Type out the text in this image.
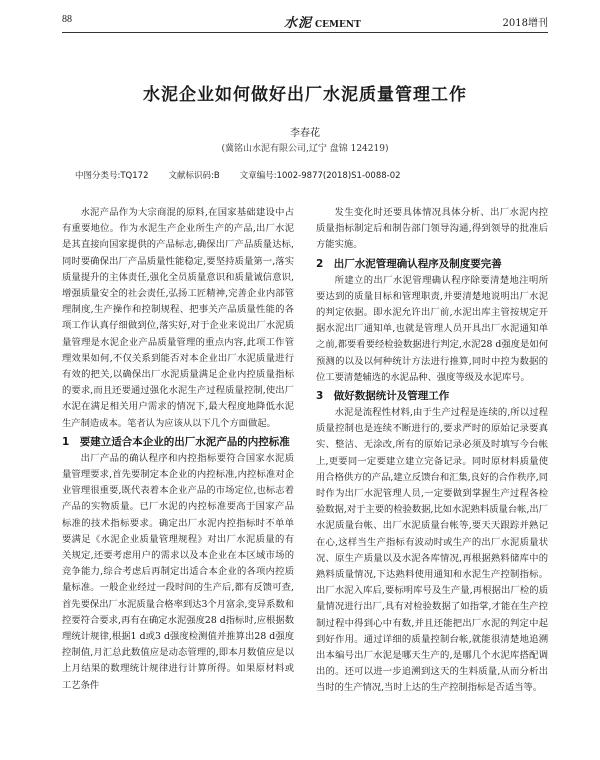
88	水泥 CEMENT	2018增刊
水泥企业如何做好出厂水泥质量管理工作
李春花
(冀铭山水泥有限公司,辽宁 盘锦 124219)
中图分类号:TQ172 文献标识码:B 文章编号:1002-9877(2018)S1-0088-02

水泥产品作为大宗商混的原料,在国家基础建设中占有重要地位。作为水泥生产企业所生产的产品,出厂水泥是其直接向国家提供的产品标志,确保出厂产品质量达标,同时要确保出厂产品质量性能稳定,要坚持质量第一,落实质量提升的主体责任,强化全员质量意识和质量诚信意识,增强质量安全的社会责任,弘扬工匠精神,完善企业内部管理制度,生产操作和控制规程、把事关产品质量性能的各项工作认真仔细做到位,落实好,对于企业来说出厂水泥质量管理是水泥企业产品质量管理的重点内容,此项工作管理效果如何,不仅关系到能否对本企业出厂水泥质量进行有效的把关,以确保出厂水泥质量满足企业内控质量指标的要求,而且还要通过强化水泥生产过程质量控制,使出厂水泥在满足相关用户需求的情况下,最大程度地降低水泥生产制造成本。笔者认为应该从以下几个方面做起。

1　要建立适合本企业的出厂水泥产品的内控标准

出厂产品的确认程序和内控指标要符合国家水泥质量管理要求,首先要制定本企业的内控标准,内控标准对企业管理很重要,既代表着本企业产品的市场定位,也标志着产品的实物质量。已厂水泥的内控标准要高于国家产品标准的技术指标要求。确定出厂水泥内控指标时不单单要满足《水泥企业质量管理规程》对出厂水泥质量的有关规定,还要考虑用户的需求以及本企业在本区域市场的竞争能力,综合考虑后再制定出适合本企业的各项内控质量标准。一般企业经过一段时间的生产后,都有反馈可查,首先要保出厂水泥质量合格率到达3个月富余,变异系数和控要符合要求,再有在确定水泥强度28 d指标时,应根据数理统计规律,根据1 d或3 d强度检测值并推算出28 d强度控制值,月汇总此数值应是动态管理的,即本月数值应是以上月结果的数理统计规律进行计算所得。如果原材料或工艺条件

发生变化时还要具体情况具体分析、出厂水泥内控质量指标制定后和制告部门领导沟通,得到领导的批准后方能实施。

2　出厂水泥管理确认程序及制度要完善

所建立的出厂水泥管理确认程序除要清楚地注明所要达到的质量目标和管理职责,并要清楚地说明出厂水泥的判定依据。即水泥允许出厂前,水泥出库主管按规定开据水泥出厂通知单,也就是管理人员开具出厂水泥通知单之前,都要看要经检验数据进行判定,水泥28 d强度是如何预测的以及以何种统计方法进行推算,同时中控为数据的位工要清楚辅选的水泥品种、强度等级及水泥库号。

3　做好数据统计及管理工作

水泥是流程性材料,由于生产过程是连续的,所以过程质量控制也是连续不断进行的,要求严时的原始记录要真实、整洁、无涂改,所有的原始记录必须及时填写今台帐上,更要同一定要建立建立完备记录。同时原材料质量使用合格供方的产品,建立反馈台和汇集,良好的合作秩序,同时作为出厂水泥管理人员,一定要做到掌握生产过程各检验数据,对于主要的检验数据,比如水泥熟料质量台帐,出厂水泥质量台帐、出厂水泥质量台帐等,要天天跟踪并熟记在心,这样当生产指标有波动时或生产的出厂水泥质量状况、原生产质量以及水泥各库情况,再根据熟料储库中的熟料质量情况,下达熟料使用通知和水泥生产控制指标。出厂水泥入库后,要标明库号及生产量,再根据出厂检的质量情况进行出厂,具有对检验数据了如指掌,才能在生产控制过程中得到心中有数,并且还能把出厂水泥的判定中起到好作用。通过详细的质量控制台帐,就能很清楚地追溯出本编号出厂水泥是哪天生产的,是哪几个水泥库搭配调出的。还可以进一步追溯到这天的生料质量,从而分析出当时的生产情况,当时上达的生产控制指标是否适当等。
